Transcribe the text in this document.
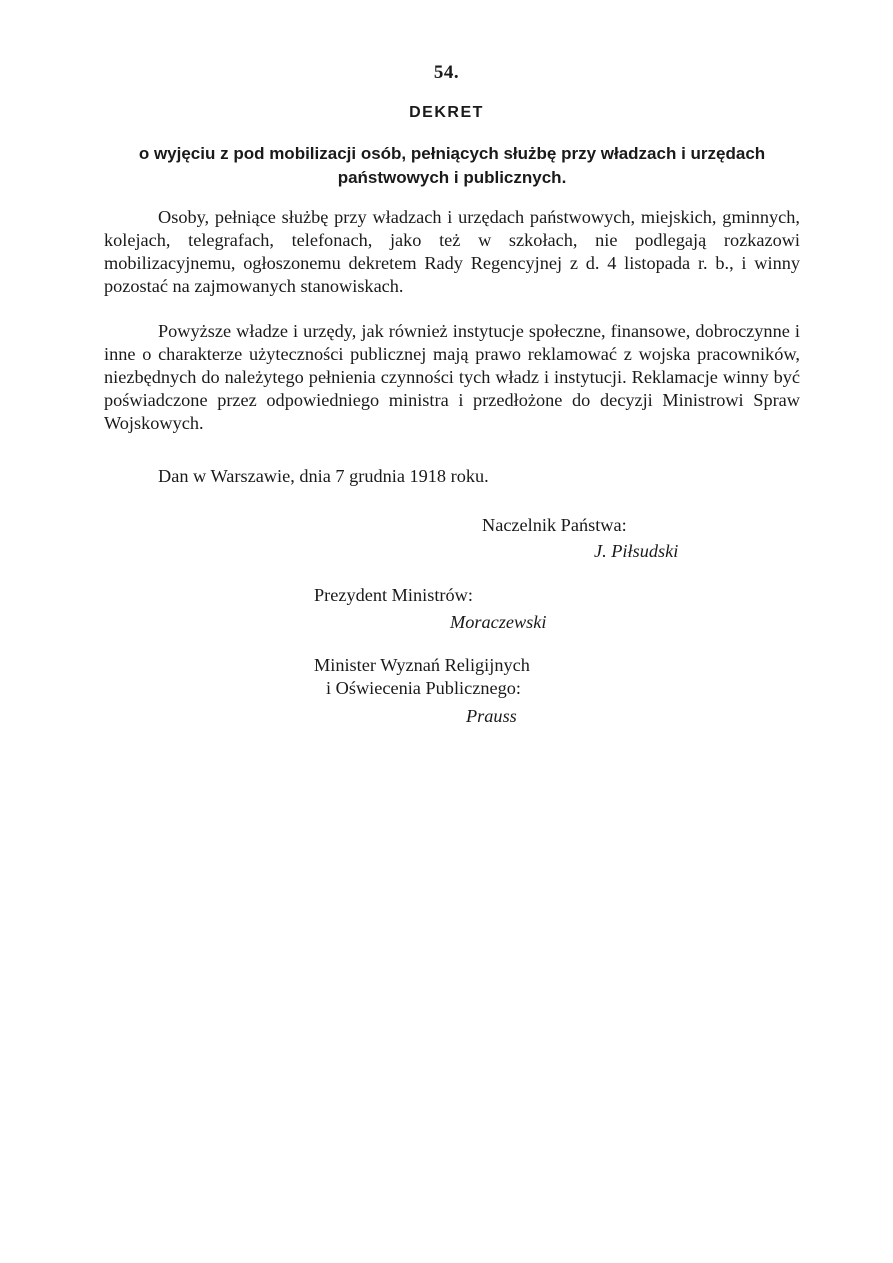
54.
DEKRET
o wyjęciu z pod mobilizacji osób, pełniących służbę przy władzach i urzędach państwowych i publicznych.
Osoby, pełniące służbę przy władzach i urzędach państwowych, miejskich, gminnych, kolejach, telegrafach, telefonach, jako też w szkołach, nie podlegają rozkazowi mobilizacyjnemu, ogłoszonemu dekretem Rady Regencyjnej z d. 4 listopada r. b., i winny pozostać na zajmowanych stanowiskach.
Powyższe władze i urzędy, jak również instytucje społeczne, finansowe, dobroczynne i inne o charakterze użyteczności publicznej mają prawo reklamować z wojska pracowników, niezbędnych do należytego pełnienia czynności tych władz i instytucji. Reklamacje winny być poświadczone przez odpowiedniego ministra i przedłożone do decyzji Ministrowi Spraw Wojskowych.
Dan w Warszawie, dnia 7 grudnia 1918 roku.
Naczelnik Państwa:
J. Piłsudski
Prezydent Ministrów:
Moraczewski
Minister Wyznań Religijnych
i Oświecenia Publicznego:
Prauss
